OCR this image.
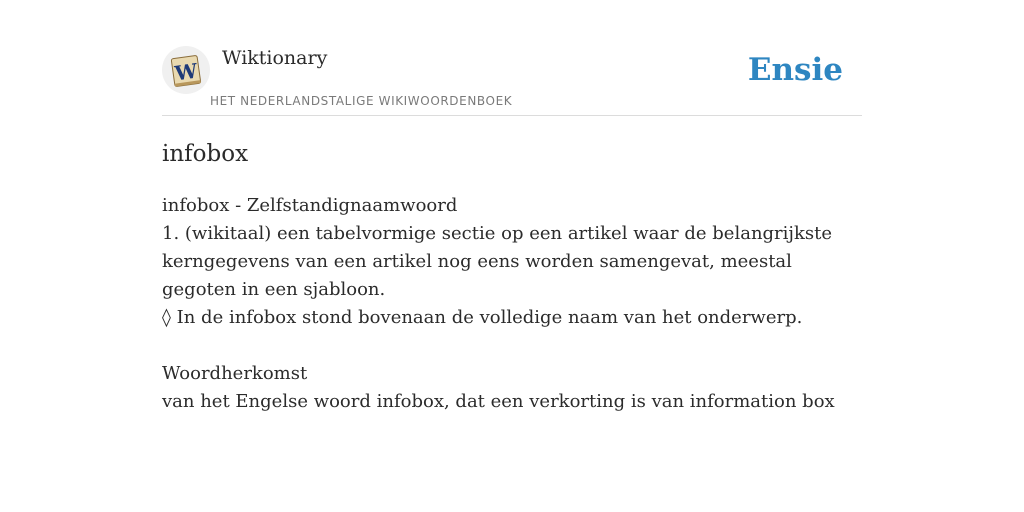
W
Wiktionary
HET NEDERLANDSTALIGE WIKIWOORDENBOEK
Ensie
infobox

infobox - Zelfstandignaamwoord

1. (wikitaal) een tabelvormige sectie op een artikel waar de belangrijkste kerngegevens van een artikel nog eens worden samengevat, meestal gegoten in een sjabloon.

◊ In de infobox stond bovenaan de volledige naam van het onderwerp.

Woordherkomst

van het Engelse woord infobox, dat een verkorting is van information box
